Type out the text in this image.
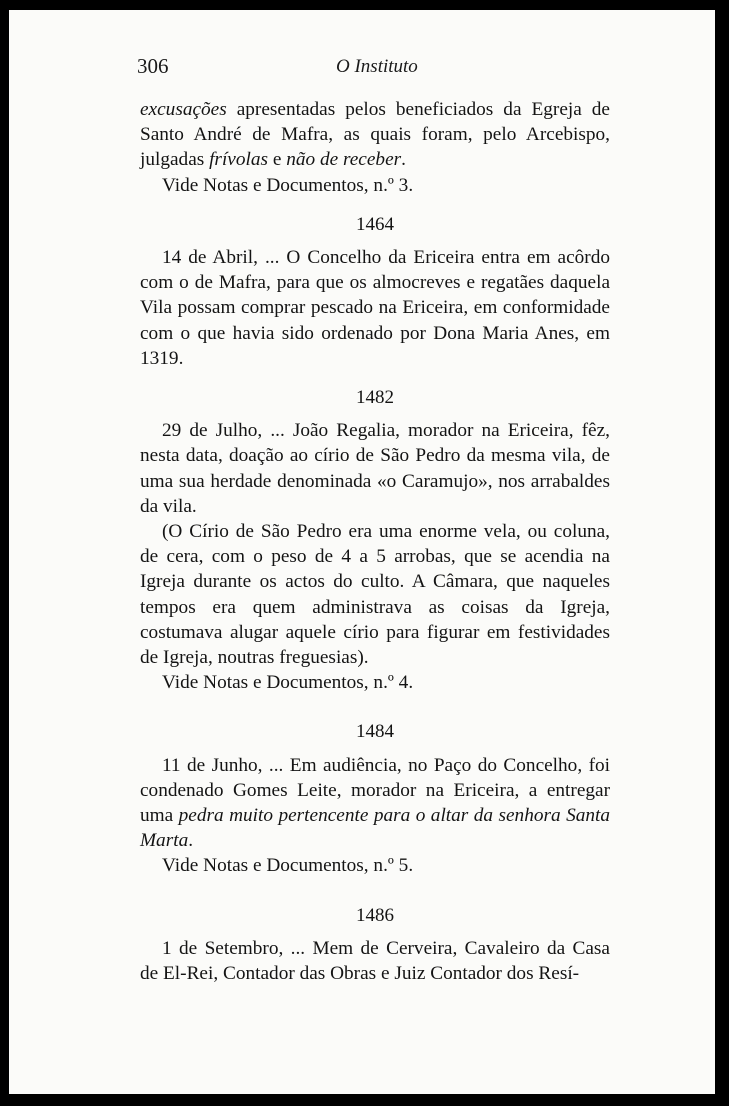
306	O Instituto

excusações apresentadas pelos beneficiados da Egreja de Santo André de Mafra, as quais foram, pelo Arcebispo, julgadas frívolas e não de receber.

Vide Notas e Documentos, n.º 3.

1464

14 de Abril, ... O Concelho da Ericeira entra em acôrdo com o de Mafra, para que os almocreves e regatães daquela Vila possam comprar pescado na Ericeira, em conformidade com o que havia sido ordenado por Dona Maria Anes, em 1319.

1482

29 de Julho, ... João Regalia, morador na Ericeira, fêz, nesta data, doação ao círio de São Pedro da mesma vila, de uma sua herdade denominada «o Caramujo», nos arrabaldes da vila.

(O Círio de São Pedro era uma enorme vela, ou coluna, de cera, com o peso de 4 a 5 arrobas, que se acendia na Igreja durante os actos do culto. A Câmara, que naqueles tempos era quem administrava as coisas da Igreja, costumava alugar aquele círio para figurar em festividades de Igreja, noutras freguesias).

Vide Notas e Documentos, n.º 4.

1484

11 de Junho, ... Em audiência, no Paço do Concelho, foi condenado Gomes Leite, morador na Ericeira, a entregar uma pedra muito pertencente para o altar da senhora Santa Marta.

Vide Notas e Documentos, n.º 5.

1486

1 de Setembro, ... Mem de Cerveira, Cavaleiro da Casa de El-Rei, Contador das Obras e Juiz Contador dos Resí-
